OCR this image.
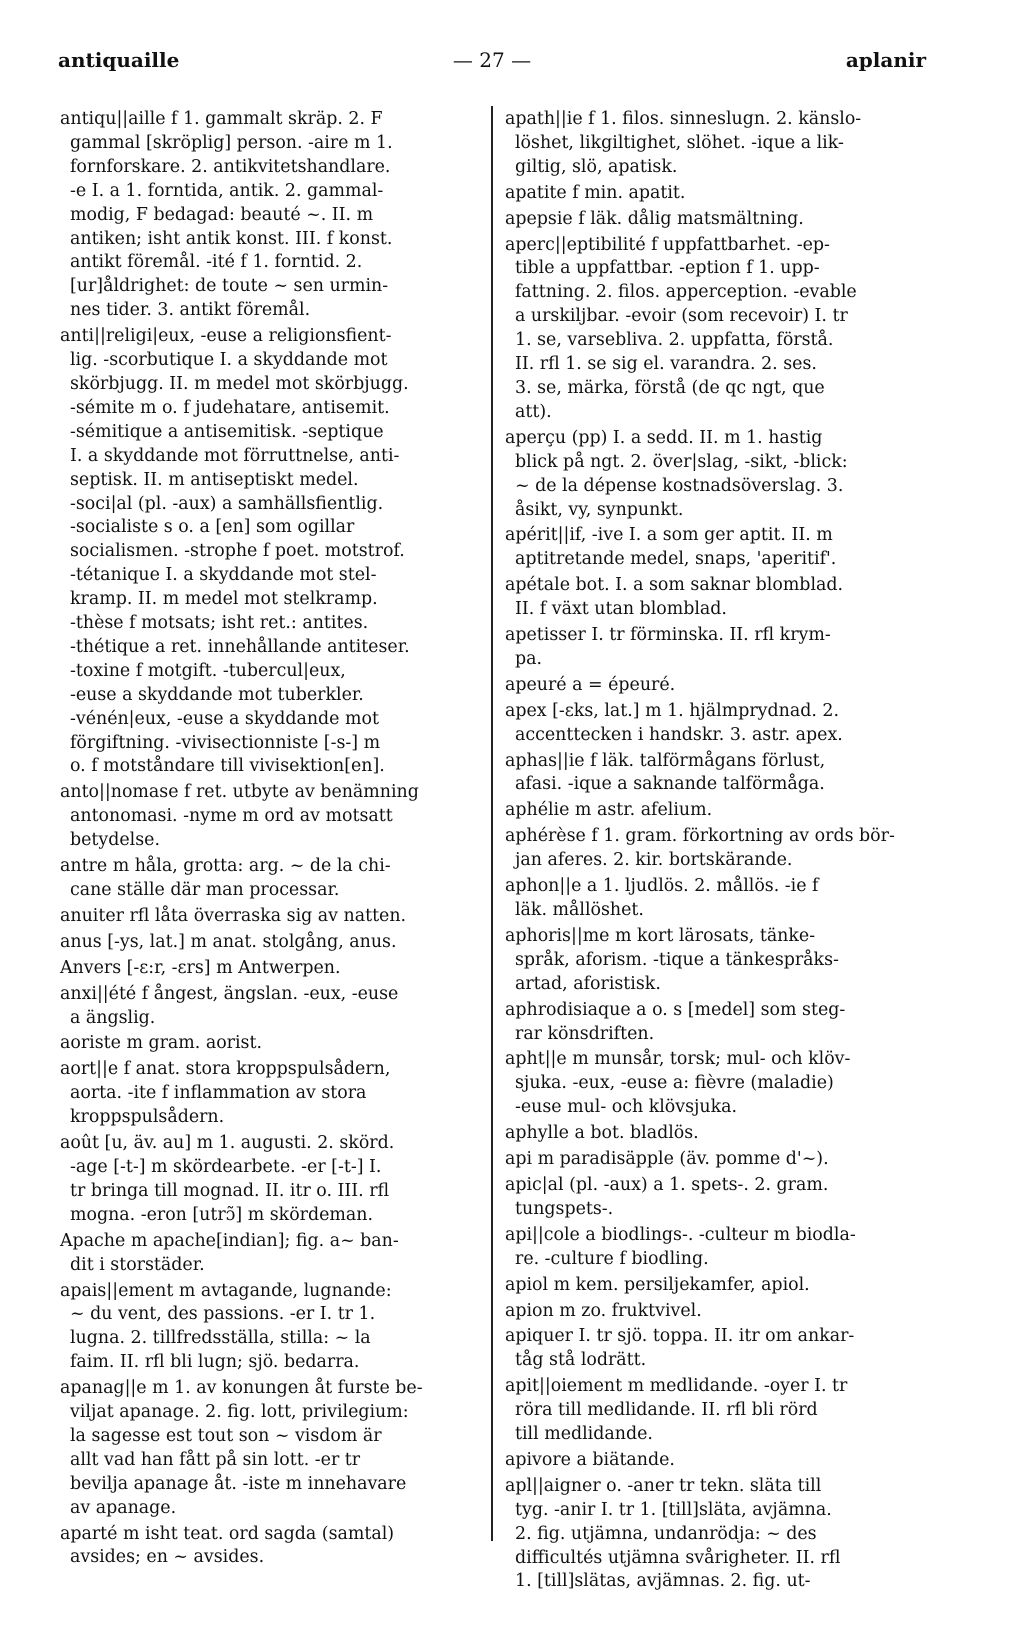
antiquaille	— 27 —	aplanir
antiqu||aille f 1. gammalt skräp. 2. F
gammal [skröplig] person. -aire m 1.
fornforskare. 2. antikvitetshandlare.
-e I. a 1. forntida, antik. 2. gammal-
modig, F bedagad: beauté ~. II. m
antiken; isht antik konst. III. f konst.
antikt föremål. -ité f 1. forntid. 2.
[ur]åldrighet: de toute ~ sen urmin-
nes tider. 3. antikt föremål.
anti||religi|eux, -euse a religionsfient-
lig. -scorbutique I. a skyddande mot
skörbjugg. II. m medel mot skörbjugg.
-sémite m o. f judehatare, antisemit.
-sémitique a antisemitisk. -septique
I. a skyddande mot förruttnelse, anti-
septisk. II. m antiseptiskt medel.
-soci|al (pl. -aux) a samhällsfientlig.
-socialiste s o. a [en] som ogillar
socialismen. -strophe f poet. motstrof.
-tétanique I. a skyddande mot stel-
kramp. II. m medel mot stelkramp.
-thèse f motsats; isht ret.: antites.
-thétique a ret. innehållande antiteser.
-toxine f motgift. -tubercul|eux,
-euse a skyddande mot tuberkler.
-vénén|eux, -euse a skyddande mot
förgiftning. -vivisectionniste [-s-] m
o. f motståndare till vivisektion[en].
anto||nomase f ret. utbyte av benämning
antonomasi. -nyme m ord av motsatt
betydelse.
antre m håla, grotta: arg. ~ de la chi-
cane ställe där man processar.
anuiter rfl låta överraska sig av natten.
anus [-ys, lat.] m anat. stolgång, anus.
Anvers [-ɛ:r, -ɛrs] m Antwerpen.
anxi||été f ångest, ängslan. -eux, -euse
a ängslig.
aoriste m gram. aorist.
aort||e f anat. stora kroppspulsådern,
aorta. -ite f inflammation av stora
kroppspulsådern.
août [u, äv. au] m 1. augusti. 2. skörd.
-age [-t-] m skördearbete. -er [-t-] I.
tr bringa till mognad. II. itr o. III. rfl
mogna. -eron [utrɔ̃] m skördeman.
Apache m apache[indian]; fig. a~ ban-
dit i storstäder.
apais||ement m avtagande, lugnande:
~ du vent, des passions. -er I. tr 1.
lugna. 2. tillfredsställa, stilla: ~ la
faim. II. rfl bli lugn; sjö. bedarra.
apanag||e m 1. av konungen åt furste be-
viljat apanage. 2. fig. lott, privilegium:
la sagesse est tout son ~ visdom är
allt vad han fått på sin lott. -er tr
bevilja apanage åt. -iste m innehavare
av apanage.
aparté m isht teat. ord sagda (samtal)
avsides; en ~ avsides.
apath||ie f 1. filos. sinneslugn. 2. känslo-
löshet, likgiltighet, slöhet. -ique a lik-
giltig, slö, apatisk.
apatite f min. apatit.
apepsie f läk. dålig matsmältning.
aperc||eptibilité f uppfattbarhet. -ep-
tible a uppfattbar. -eption f 1. upp-
fattning. 2. filos. apperception. -evable
a urskiljbar. -evoir (som recevoir) I. tr
1. se, varsebliva. 2. uppfatta, förstå.
II. rfl 1. se sig el. varandra. 2. ses.
3. se, märka, förstå (de qc ngt, que
att).
aperçu (pp) I. a sedd. II. m 1. hastig
blick på ngt. 2. över|slag, -sikt, -blick:
~ de la dépense kostnadsöverslag. 3.
åsikt, vy, synpunkt.
apérit||if, -ive I. a som ger aptit. II. m
aptitretande medel, snaps, 'aperitif'.
apétale bot. I. a som saknar blomblad.
II. f växt utan blomblad.
apetisser I. tr förminska. II. rfl krym-
pa.
apeuré a = épeuré.
apex [-ɛks, lat.] m 1. hjälmprydnad. 2.
accenttecken i handskr. 3. astr. apex.
aphas||ie f läk. talförmågans förlust,
afasi. -ique a saknande talförmåga.
aphélie m astr. afelium.
aphérèse f 1. gram. förkortning av ords bör-
jan aferes. 2. kir. bortskärande.
aphon||e a 1. ljudlös. 2. mållös. -ie f
läk. mållöshet.
aphoris||me m kort lärosats, tänke-
språk, aforism. -tique a tänkespråks-
artad, aforistisk.
aphrodisiaque a o. s [medel] som steg-
rar könsdriften.
apht||e m munsår, torsk; mul- och klöv-
sjuka. -eux, -euse a: fièvre (maladie)
-euse mul- och klövsjuka.
aphylle a bot. bladlös.
api m paradisäpple (äv. pomme d'~).
apic|al (pl. -aux) a 1. spets-. 2. gram.
tungspets-.
api||cole a biodlings-. -culteur m biodla-
re. -culture f biodling.
apiol m kem. persiljekamfer, apiol.
apion m zo. fruktvivel.
apiquer I. tr sjö. toppa. II. itr om ankar-
tåg stå lodrätt.
apit||oiement m medlidande. -oyer I. tr
röra till medlidande. II. rfl bli rörd
till medlidande.
apivore a biätande.
apl||aigner o. -aner tr tekn. släta till
tyg. -anir I. tr 1. [till]släta, avjämna.
2. fig. utjämna, undanrödja: ~ des
difficultés utjämna svårigheter. II. rfl
1. [till]slätas, avjämnas. 2. fig. ut-
